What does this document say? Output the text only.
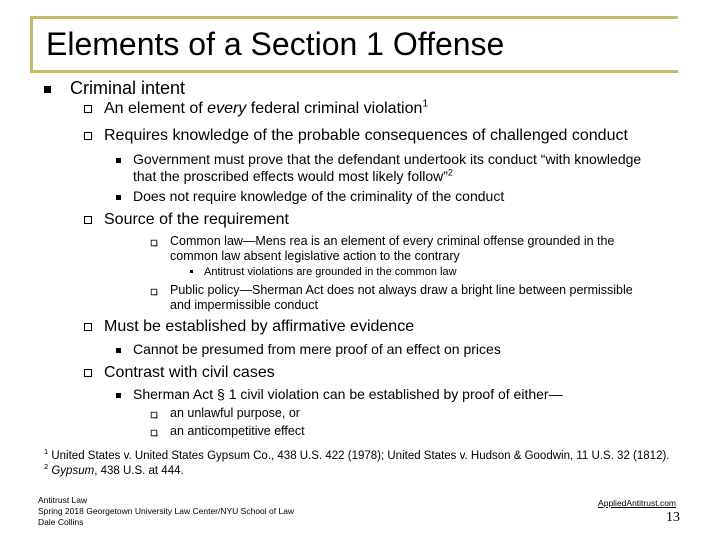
Elements of a Section 1 Offense
Criminal intent
An element of every federal criminal violation$^1$
Requires knowledge of the probable consequences of challenged conduct
Government must prove that the defendant undertook its conduct “with knowledge
that the proscribed effects would most likely follow”$^2$
Does not require knowledge of the criminality of the conduct
Source of the requirement
Common law—Mens rea is an element of every criminal offense grounded in the
common law absent legislative action to the contrary
Antitrust violations are grounded in the common law
Public policy—Sherman Act does not always draw a bright line between permissible
and impermissible conduct
Must be established by affirmative evidence
Cannot be presumed from mere proof of an effect on prices
Contrast with civil cases
Sherman Act § 1 civil violation can be established by proof of either—
an unlawful purpose, or
an anticompetitive effect
$^1$ United States v. United States Gypsum Co., 438 U.S. 422 (1978); United States v. Hudson & Goodwin, 11 U.S. 32 (1812).
$^2$ Gypsum, 438 U.S. at 444.
Antitrust Law
Spring 2018 Georgetown University Law Center/NYU School of Law
Dale Collins
AppliedAntitrust.com
13
